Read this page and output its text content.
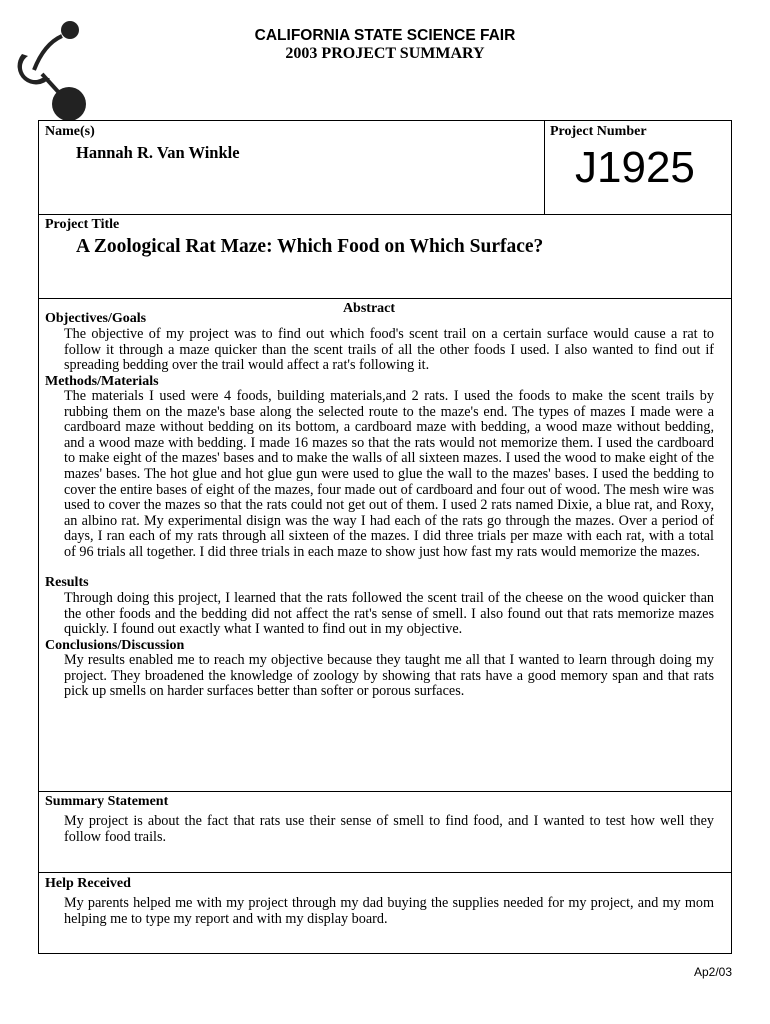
CALIFORNIA STATE SCIENCE FAIR
2003 PROJECT SUMMARY
Name(s)
Hannah R. Van Winkle
Project Number
J1925
Project Title
A Zoological Rat Maze: Which Food on Which Surface?
Abstract
Objectives/Goals
The objective of my project was to find out which food's scent trail on a certain surface would cause a rat to follow it through a maze quicker than the scent trails of all the other foods I used. I also wanted to find out if spreading bedding over the trail would affect a rat's following it.
Methods/Materials
The materials I used were 4 foods, building materials,and 2 rats. I used the foods to make the scent trails by rubbing them on the maze's base along the selected route to the maze's end. The types of mazes I made were a cardboard maze without bedding on its bottom, a cardboard maze with bedding, a wood maze without bedding, and a wood maze with bedding. I made 16 mazes so that the rats would not memorize them. I used the cardboard to make eight of the mazes' bases and to make the walls of all sixteen mazes. I used the wood to make eight of the mazes' bases. The hot glue and hot glue gun were used to glue the wall to the mazes' bases. I used the bedding to cover the entire bases of eight of the mazes, four made out of cardboard and four out of wood. The mesh wire was used to cover the mazes so that the rats could not get out of them. I used 2 rats named Dixie, a blue rat, and Roxy, an albino rat. My experimental disign was the way I had each of the rats go through the mazes. Over a period of days, I ran each of my rats through all sixteen of the mazes. I did three trials per maze with each rat, with a total of 96 trials all together. I did three trials in each maze to show just how fast my rats would memorize the mazes.
Results
Through doing this project, I learned that the rats followed the scent trail of the cheese on the wood quicker than the other foods and the bedding did not affect the rat's sense of smell. I also found out that rats memorize mazes quickly. I found out exactly what I wanted to find out in my objective.
Conclusions/Discussion
My results enabled me to reach my objective because they taught me all that I wanted to learn through doing my project. They broadened the knowledge of zoology by showing that rats have a good memory span and that rats pick up smells on harder surfaces better than softer or porous surfaces.
Summary Statement
My project is about the fact that rats use their sense of smell to find food, and I wanted to test how well they follow food trails.
Help Received
My parents helped me with my project through my dad buying the supplies needed for my project, and my mom helping me to type my report and with my display board.
Ap2/03
